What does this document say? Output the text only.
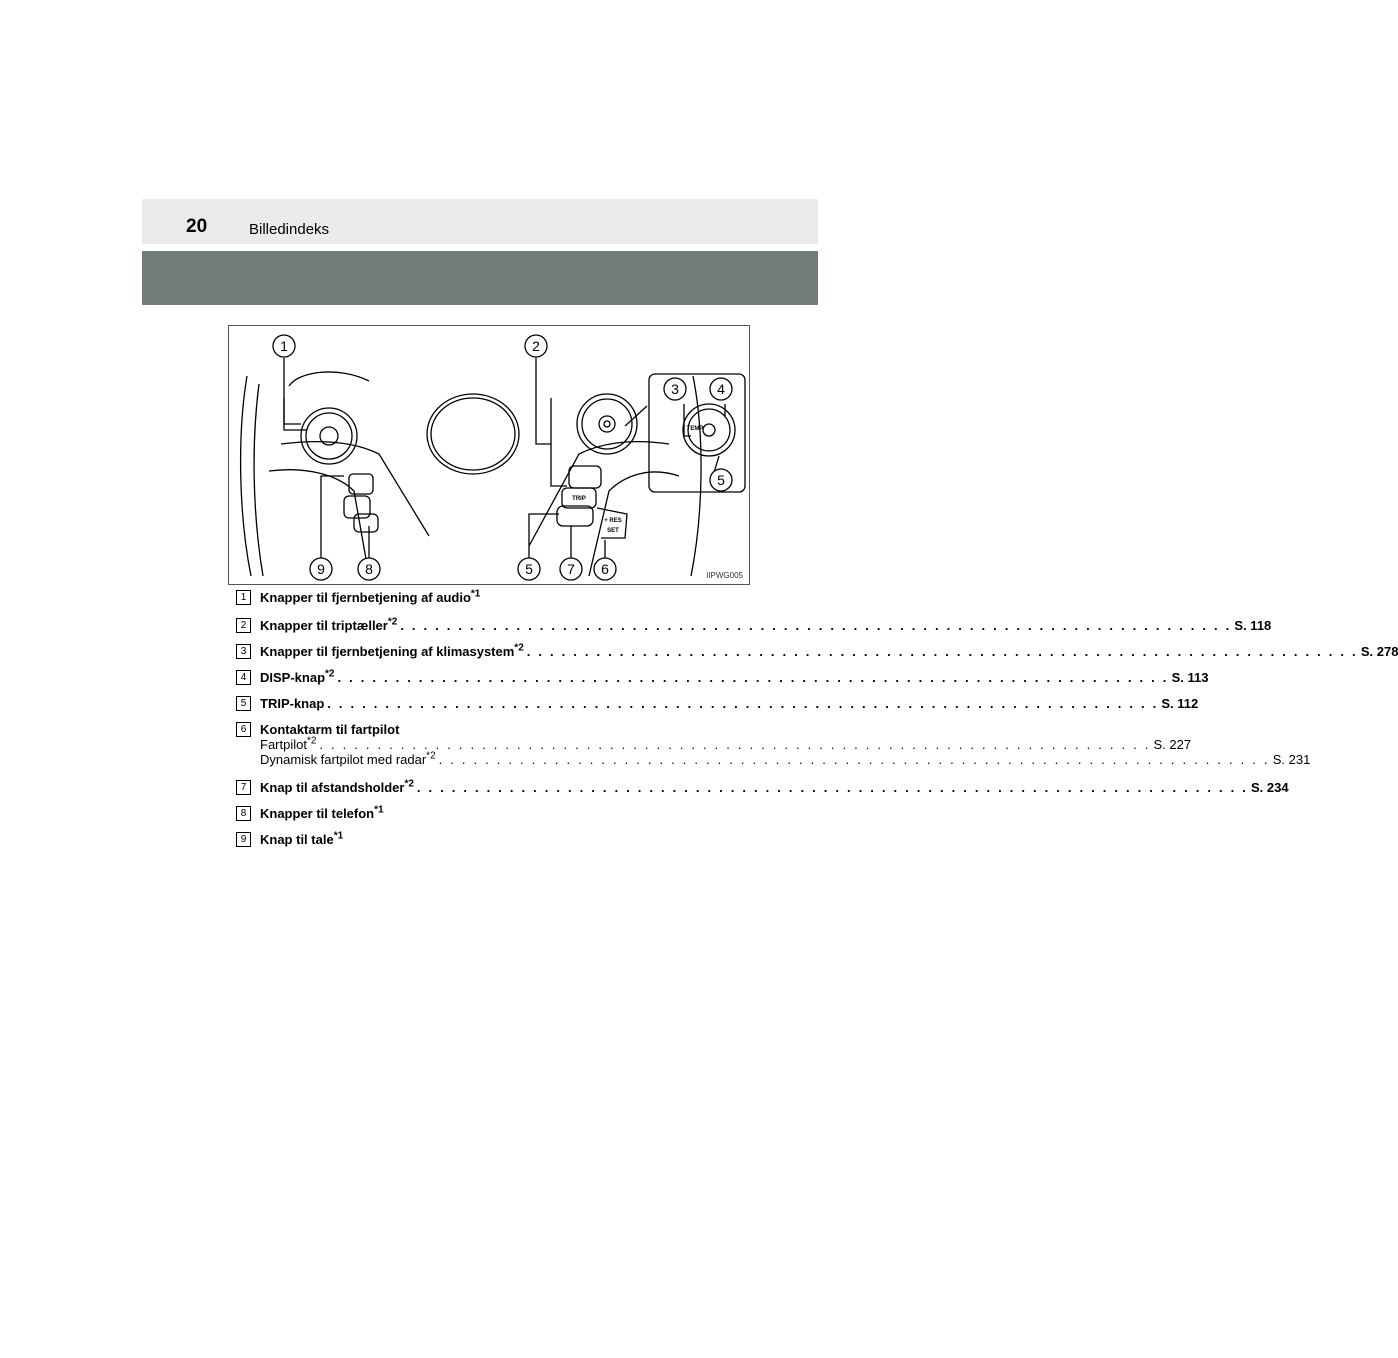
20	Billedindeks
1	2
3	4
5
9	8	5 7 6
TRIP
+ RES
SET
TEMP
IIPWG005
1	Knapper til fjernbetjening af audio$^{*1}$
2	Knapper til triptæller$^{*2}$ . . . . . . . . . . . . . . . . . . . . . . . . . . . . . . . . . . . . . . . . . . . . . . . . . . . . . . . . . . . . . . . . . . . . . . . . S. 118
3	Knapper til fjernbetjening af klimasystem$^{*2}$ . . . . . . . . . . . . . . . . . . . . . . . . . . . . . . . . . . . . . . . . . . . . . . . . . . . . . . . . . . . . . . . . . . . . . . . . S. 278
4	DISP-knap$^{*2}$ . . . . . . . . . . . . . . . . . . . . . . . . . . . . . . . . . . . . . . . . . . . . . . . . . . . . . . . . . . . . . . . . . . . . . . . . S. 113
5	TRIP-knap . . . . . . . . . . . . . . . . . . . . . . . . . . . . . . . . . . . . . . . . . . . . . . . . . . . . . . . . . . . . . . . . . . . . . . . . S. 112
6	Kontaktarm til fartpilot
Fartpilot$^{*2}$ . . . . . . . . . . . . . . . . . . . . . . . . . . . . . . . . . . . . . . . . . . . . . . . . . . . . . . . . . . . . . . . . . . . . . . . . S. 227
Dynamisk fartpilot med radar$^{*2}$ . . . . . . . . . . . . . . . . . . . . . . . . . . . . . . . . . . . . . . . . . . . . . . . . . . . . . . . . . . . . . . . . . . . . . . . . S. 231
7	Knap til afstandsholder$^{*2}$ . . . . . . . . . . . . . . . . . . . . . . . . . . . . . . . . . . . . . . . . . . . . . . . . . . . . . . . . . . . . . . . . . . . . . . . . S. 234
8	Knapper til telefon$^{*1}$
9	Knap til tale$^{*1}$
